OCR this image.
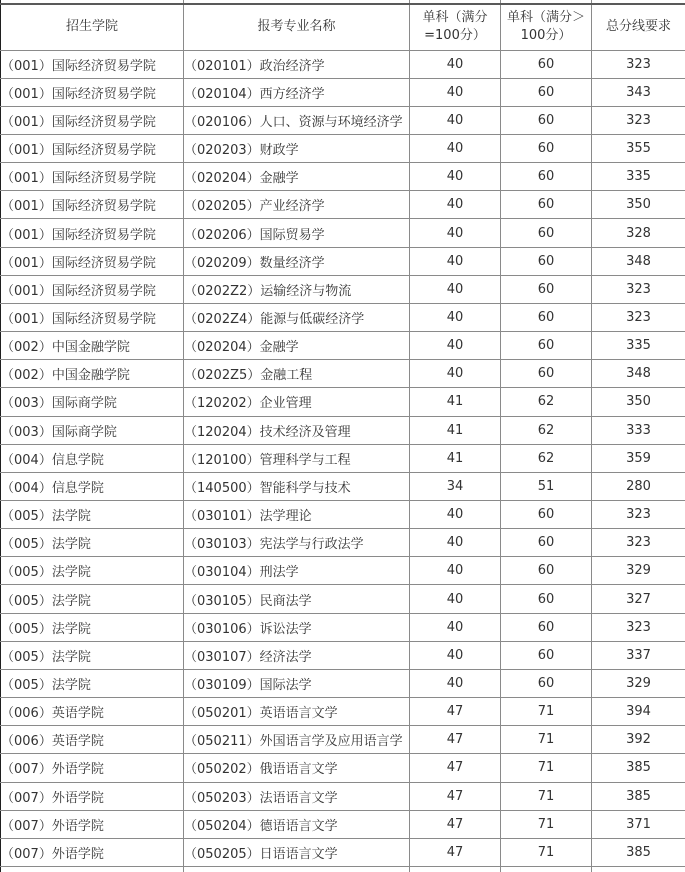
招生学院	报考专业名称	单科（满分=100分）	单科（满分＞100分）	总分线要求
（001）国际经济贸易学院	（020101）政治经济学	40	60	323
（001）国际经济贸易学院	（020104）西方经济学	40	60	343
（001）国际经济贸易学院	（020106）人口、资源与环境经济学	40	60	323
（001）国际经济贸易学院	（020203）财政学	40	60	355
（001）国际经济贸易学院	（020204）金融学	40	60	335
（001）国际经济贸易学院	（020205）产业经济学	40	60	350
（001）国际经济贸易学院	（020206）国际贸易学	40	60	328
（001）国际经济贸易学院	（020209）数量经济学	40	60	348
（001）国际经济贸易学院	（0202Z2）运输经济与物流	40	60	323
（001）国际经济贸易学院	（0202Z4）能源与低碳经济学	40	60	323
（002）中国金融学院	（020204）金融学	40	60	335
（002）中国金融学院	（0202Z5）金融工程	40	60	348
（003）国际商学院	（120202）企业管理	41	62	350
（003）国际商学院	（120204）技术经济及管理	41	62	333
（004）信息学院	（120100）管理科学与工程	41	62	359
（004）信息学院	（140500）智能科学与技术	34	51	280
（005）法学院	（030101）法学理论	40	60	323
（005）法学院	（030103）宪法学与行政法学	40	60	323
（005）法学院	（030104）刑法学	40	60	329
（005）法学院	（030105）民商法学	40	60	327
（005）法学院	（030106）诉讼法学	40	60	323
（005）法学院	（030107）经济法学	40	60	337
（005）法学院	（030109）国际法学	40	60	329
（006）英语学院	（050201）英语语言文学	47	71	394
（006）英语学院	（050211）外国语言学及应用语言学	47	71	392
（007）外语学院	（050202）俄语语言文学	47	71	385
（007）外语学院	（050203）法语语言文学	47	71	385
（007）外语学院	（050204）德语语言文学	47	71	371
（007）外语学院	（050205）日语语言文学	47	71	385
